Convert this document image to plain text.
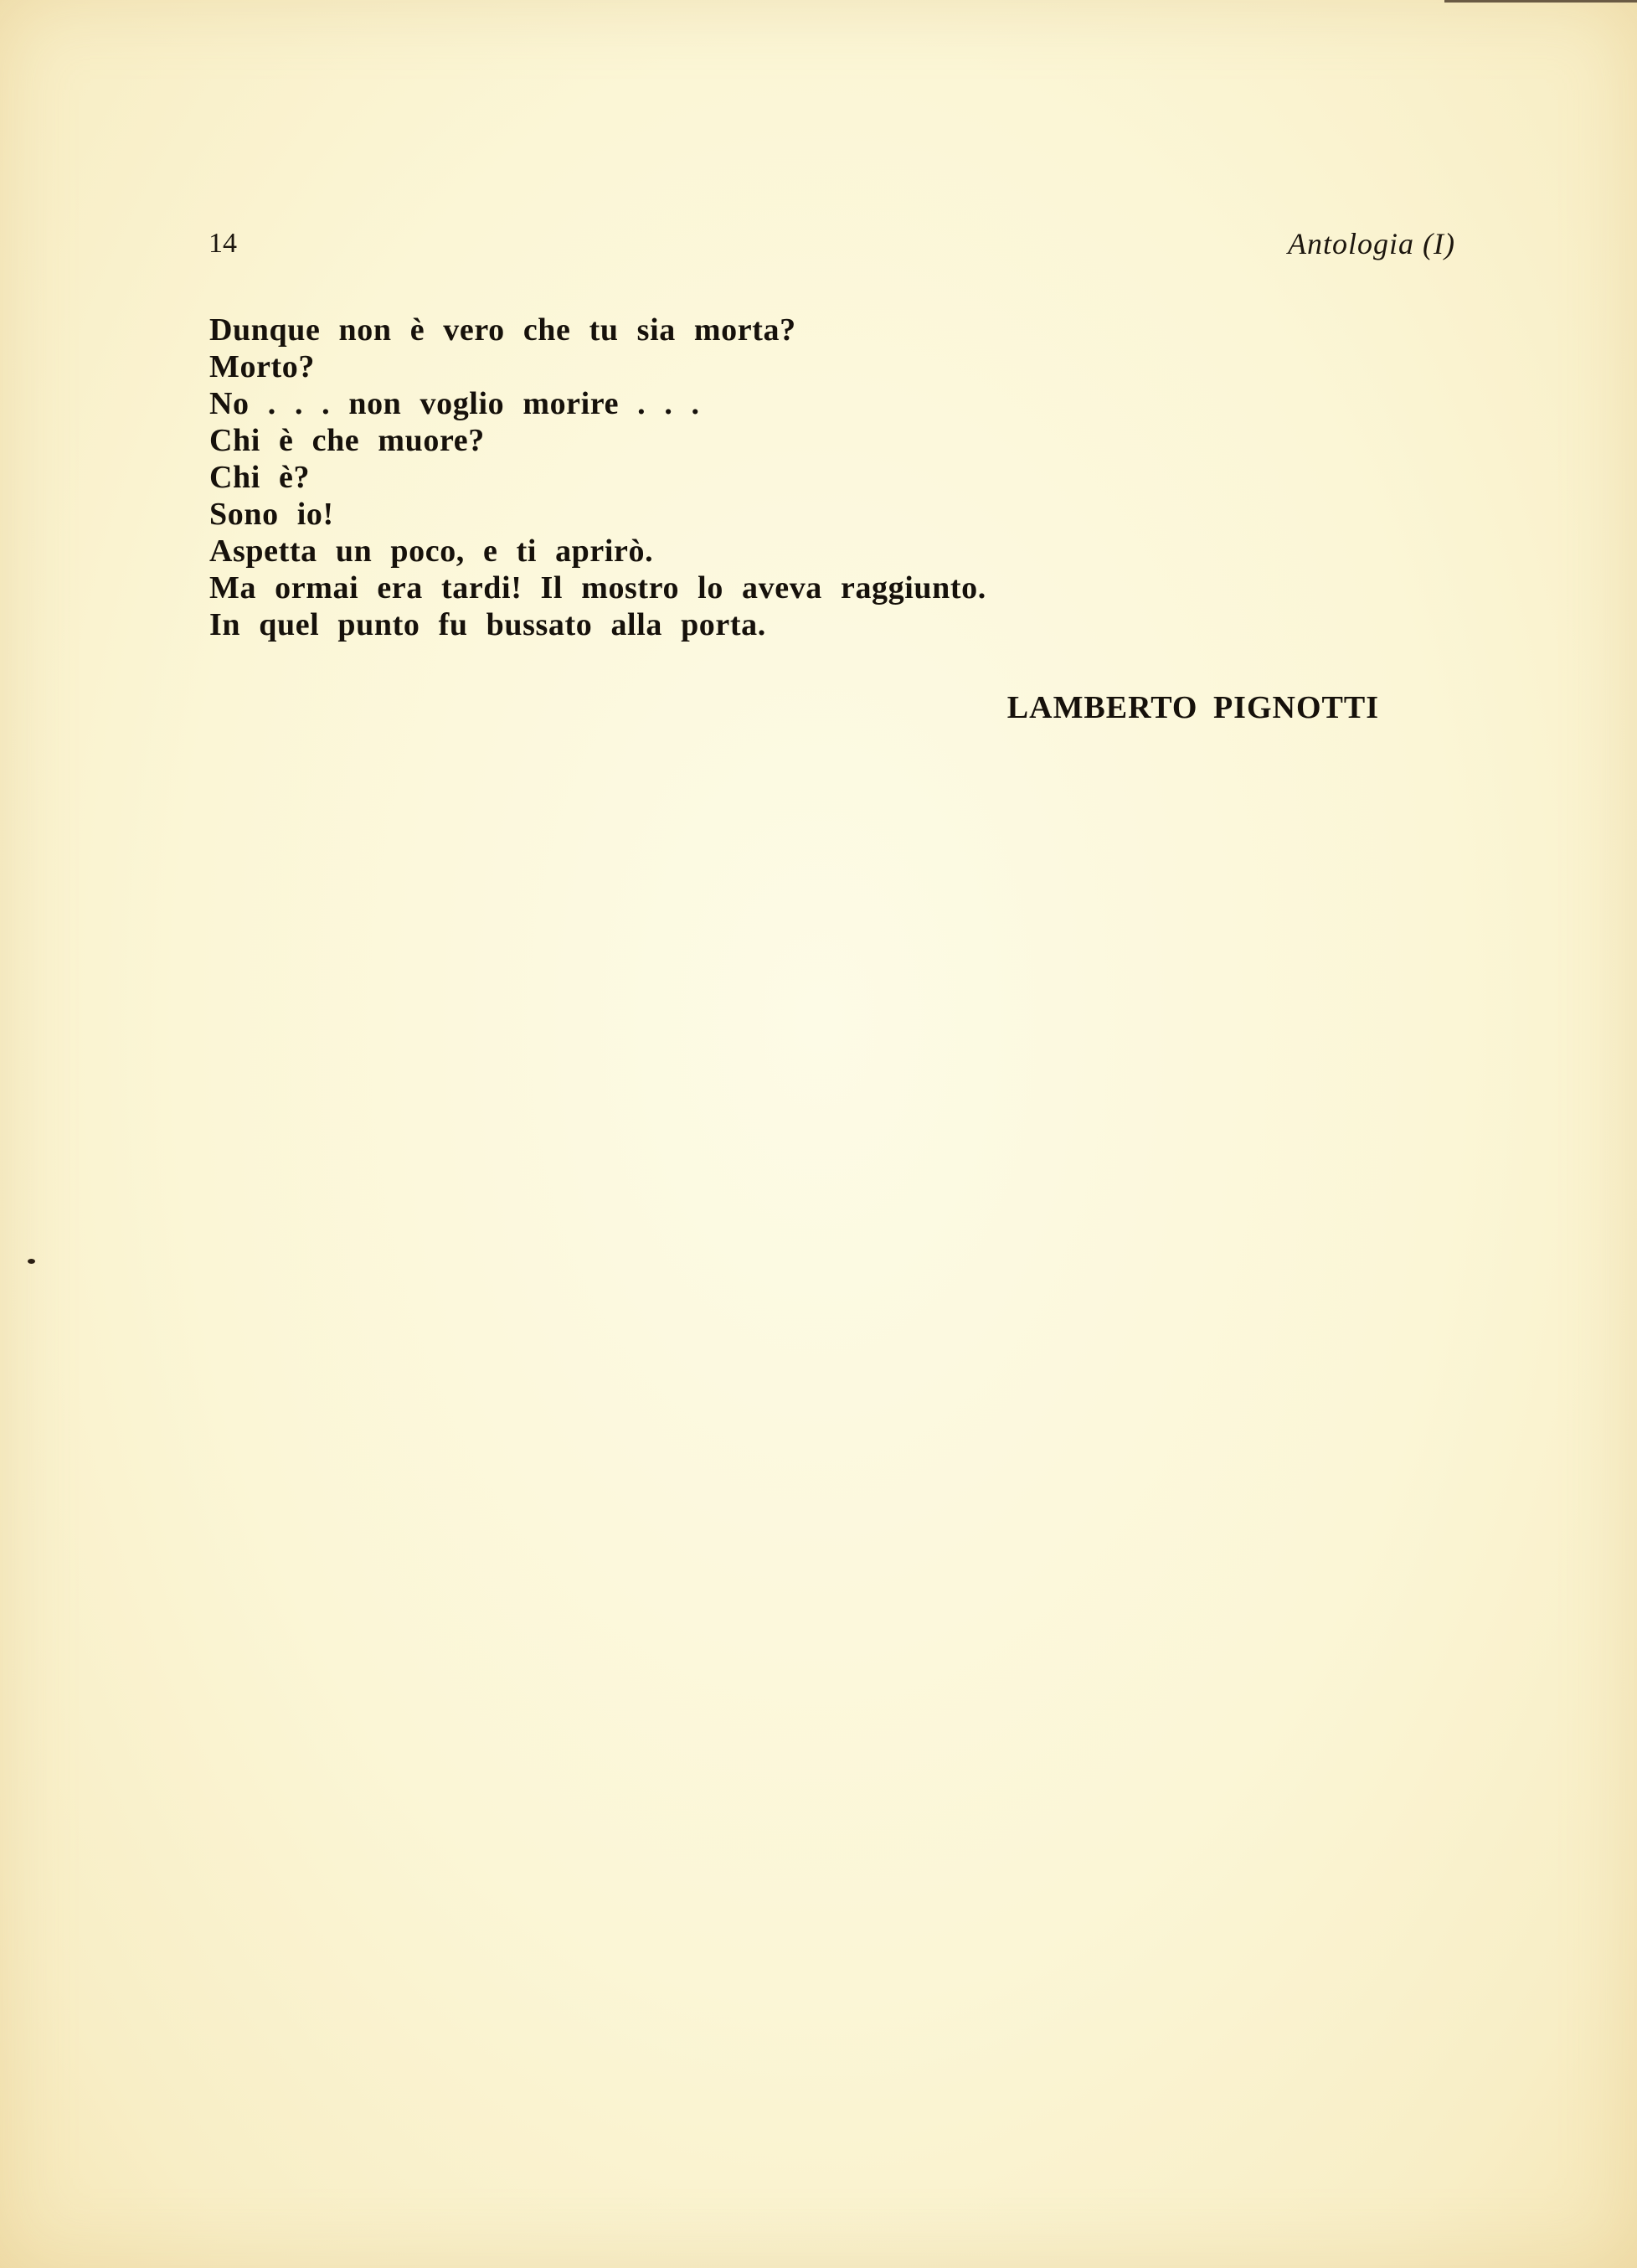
14	Antologia (I)
Dunque non è vero che tu sia morta?
Morto?
No . . . non voglio morire . . .
Chi è che muore?
Chi è?
Sono io!
Aspetta un poco, e ti aprirò.
Ma ormai era tardi! Il mostro lo aveva raggiunto.
In quel punto fu bussato alla porta.
LAMBERTO PIGNOTTI
